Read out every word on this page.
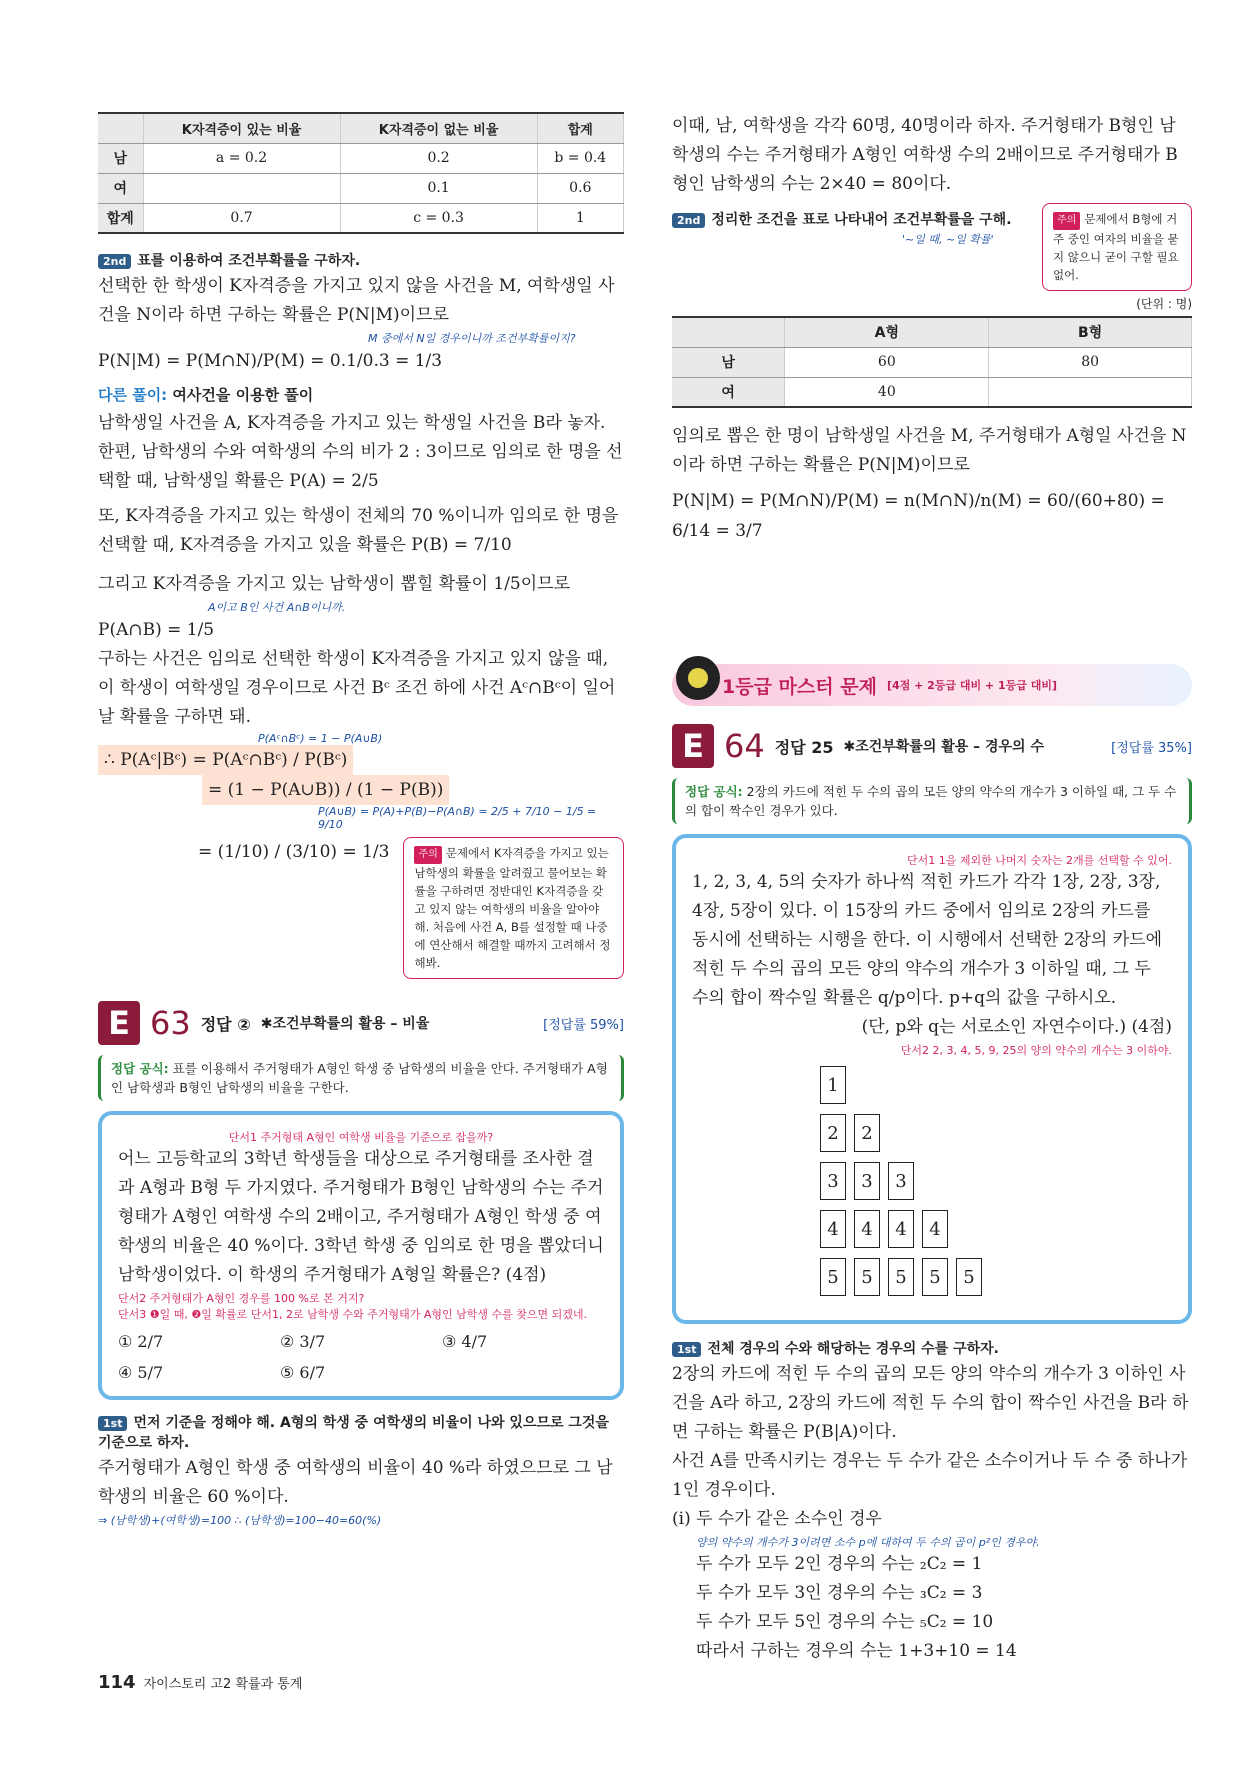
	K자격증이 있는 비율	K자격증이 없는 비율	합계
남	a = 0.2	0.2	b = 0.4
여		0.1	0.6
합계	0.7	c = 0.3	1
2nd 표를 이용하여 조건부확률을 구하자.
선택한 한 학생이 K자격증을 가지고 있지 않을 사건을 M, 여학생일 사건을 N이라 하면 구하는 확률은 P(N|M)이므로
M 중에서 N일 경우이니까 조건부확률이지?
P(N|M) = P(M∩N)/P(M) = 0.1/0.3 = 1/3
다른 풀이: 여사건을 이용한 풀이
남학생일 사건을 A, K자격증을 가지고 있는 학생일 사건을 B라 놓자. 한편, 남학생의 수와 여학생의 수의 비가 2 : 3이므로 임의로 한 명을 선택할 때, 남학생일 확률은 P(A) = 2/5
또, K자격증을 가지고 있는 학생이 전체의 70 %이니까 임의로 한 명을 선택할 때, K자격증을 가지고 있을 확률은 P(B) = 7/10
그리고 K자격증을 가지고 있는 남학생이 뽑힐 확률이 1/5이므로
A이고 B인 사건 A∩B이니까.
P(A∩B) = 1/5
구하는 사건은 임의로 선택한 학생이 K자격증을 가지고 있지 않을 때, 이 학생이 여학생일 경우이므로 사건 Bᶜ 조건 하에 사건 Aᶜ∩Bᶜ이 일어날 확률을 구하면 돼.
P(Aᶜ∩Bᶜ) = 1 − P(A∪B)
∴ P(Aᶜ|Bᶜ) = P(Aᶜ∩Bᶜ) / P(Bᶜ) = (1 − P(A∪B)) / (1 − P(B))
P(A∪B) = P(A)+P(B)−P(A∩B) = 2/5 + 7/10 − 1/5 = 9/10
= (1/10) / (3/10) = 1/3	주의 문제에서 K자격증을 가지고 있는 남학생의 확률을 알려줬고 물어보는 확률을 구하려면 정반대인 K자격증을 갖고 있지 않는 여학생의 비율을 알아야 해. 처음에 사건 A, B를 설정할 때 나중에 연산해서 해결할 때까지 고려해서 정해봐.
E 63 정답 ② ✱조건부확률의 활용 – 비율	[정답률 59%]
정답 공식: 표를 이용해서 주거형태가 A형인 학생 중 남학생의 비율을 안다. 주거형태가 A형인 남학생과 B형인 남학생의 비율을 구한다.
단서1 주거형태 A형인 여학생 비율을 기준으로 잡을까?
어느 고등학교의 3학년 학생들을 대상으로 주거형태를 조사한 결과 A형과 B형 두 가지였다. 주거형태가 B형인 남학생의 수는 주거형태가 A형인 여학생 수의 2배이고, 주거형태가 A형인 학생 중 여학생의 비율은 40 %이다. 3학년 학생 중 임의로 한 명을 뽑았더니 남학생이었다. 이 학생의 주거형태가 A형일 확률은? (4점)
단서2 주거형태가 A형인 경우를 100 %로 본 거지?
단서3 ❶일 때, ❷일 확률로 단서1, 2로 남학생 수와 주거형태가 A형인 남학생 수를 찾으면 되겠네.
① 2/7	② 3/7	③ 4/7
④ 5/7	⑤ 6/7
1st 먼저 기준을 정해야 해. A형의 학생 중 여학생의 비율이 나와 있으므로 그것을 기준으로 하자.
주거형태가 A형인 학생 중 여학생의 비율이 40 %라 하였으므로 그 남학생의 비율은 60 %이다.
⇒ (남학생)+(여학생)=100 ∴ (남학생)=100−40=60(%)
이때, 남, 여학생을 각각 60명, 40명이라 하자. 주거형태가 B형인 남학생의 수는 주거형태가 A형인 여학생 수의 2배이므로 주거형태가 B형인 남학생의 수는 2×40 = 80이다.
2nd 정리한 조건을 표로 나타내어 조건부확률을 구해.
'~일 때, ~일 확률'
주의 문제에서 B형에 거주 중인 여자의 비율을 묻지 않으니 굳이 구할 필요 없어.
(단위 : 명)
	A형	B형
남	60	80
여	40	
임의로 뽑은 한 명이 남학생일 사건을 M, 주거형태가 A형일 사건을 N이라 하면 구하는 확률은 P(N|M)이므로
P(N|M) = P(M∩N)/P(M) = n(M∩N)/n(M) = 60/(60+80) = 6/14 = 3/7
1등급 마스터 문제 [4점 + 2등급 대비 + 1등급 대비]
E 64 정답 25 ✱조건부확률의 활용 – 경우의 수	[정답률 35%]
정답 공식: 2장의 카드에 적힌 두 수의 곱의 모든 양의 약수의 개수가 3 이하일 때, 그 두 수의 합이 짝수인 경우가 있다.
단서1 1을 제외한 나머지 숫자는 2개를 선택할 수 있어.
1, 2, 3, 4, 5의 숫자가 하나씩 적힌 카드가 각각 1장, 2장, 3장, 4장, 5장이 있다. 이 15장의 카드 중에서 임의로 2장의 카드를 동시에 선택하는 시행을 한다. 이 시행에서 선택한 2장의 카드에 적힌 두 수의 곱의 모든 양의 약수의 개수가 3 이하일 때, 그 두 수의 합이 짝수일 확률은 q/p이다. p+q의 값을 구하시오.
(단, p와 q는 서로소인 자연수이다.) (4점)
단서2 2, 3, 4, 5, 9, 25의 양의 약수의 개수는 3 이하야.
1
2	2
3	3	3
4	4	4	4
5	5	5	5	5
1st 전체 경우의 수와 해당하는 경우의 수를 구하자.
2장의 카드에 적힌 두 수의 곱의 모든 양의 약수의 개수가 3 이하인 사건을 A라 하고, 2장의 카드에 적힌 두 수의 합이 짝수인 사건을 B라 하면 구하는 확률은 P(B|A)이다.
사건 A를 만족시키는 경우는 두 수가 같은 소수이거나 두 수 중 하나가 1인 경우이다.
(i) 두 수가 같은 소수인 경우
양의 약수의 개수가 3이려면 소수 p에 대하여 두 수의 곱이 p²인 경우야.
두 수가 모두 2인 경우의 수는 ₂C₂ = 1
두 수가 모두 3인 경우의 수는 ₃C₂ = 3
두 수가 모두 5인 경우의 수는 ₅C₂ = 10
따라서 구하는 경우의 수는 1+3+10 = 14
114 자이스토리 고2 확률과 통계
